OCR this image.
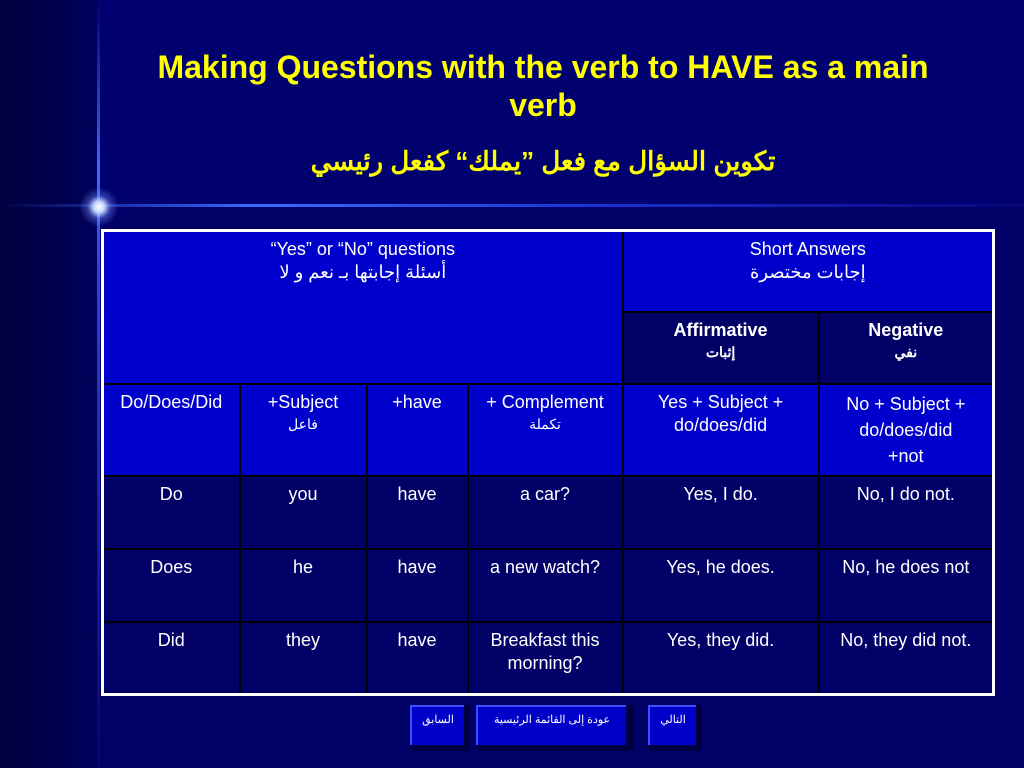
Making Questions with the verb to HAVE as a main verb
تكوين السؤال مع فعل ”يملك“ كفعل رئيسي
“Yes” or “No” questions
أسئلة إجابتها بـ نعم و لا				Short Answers
إجابات مختصرة	

				Affirmative
إثبات	Negative
نفي

Do/Does/Did	+Subject
فاعل	+have	+ Complement
تكملة	Yes + Subject + do/does/did	No + Subject + do/does/did
+not

Do	you	have	a car?	Yes, I do.	No, I do not.
Does	he	have	a new watch?	Yes, he does.	No, he does not
Did	they	have	Breakfast this morning?	Yes, they did.	No, they did not.
السابق	عودة إلى القائمة الرئيسية	التالي
